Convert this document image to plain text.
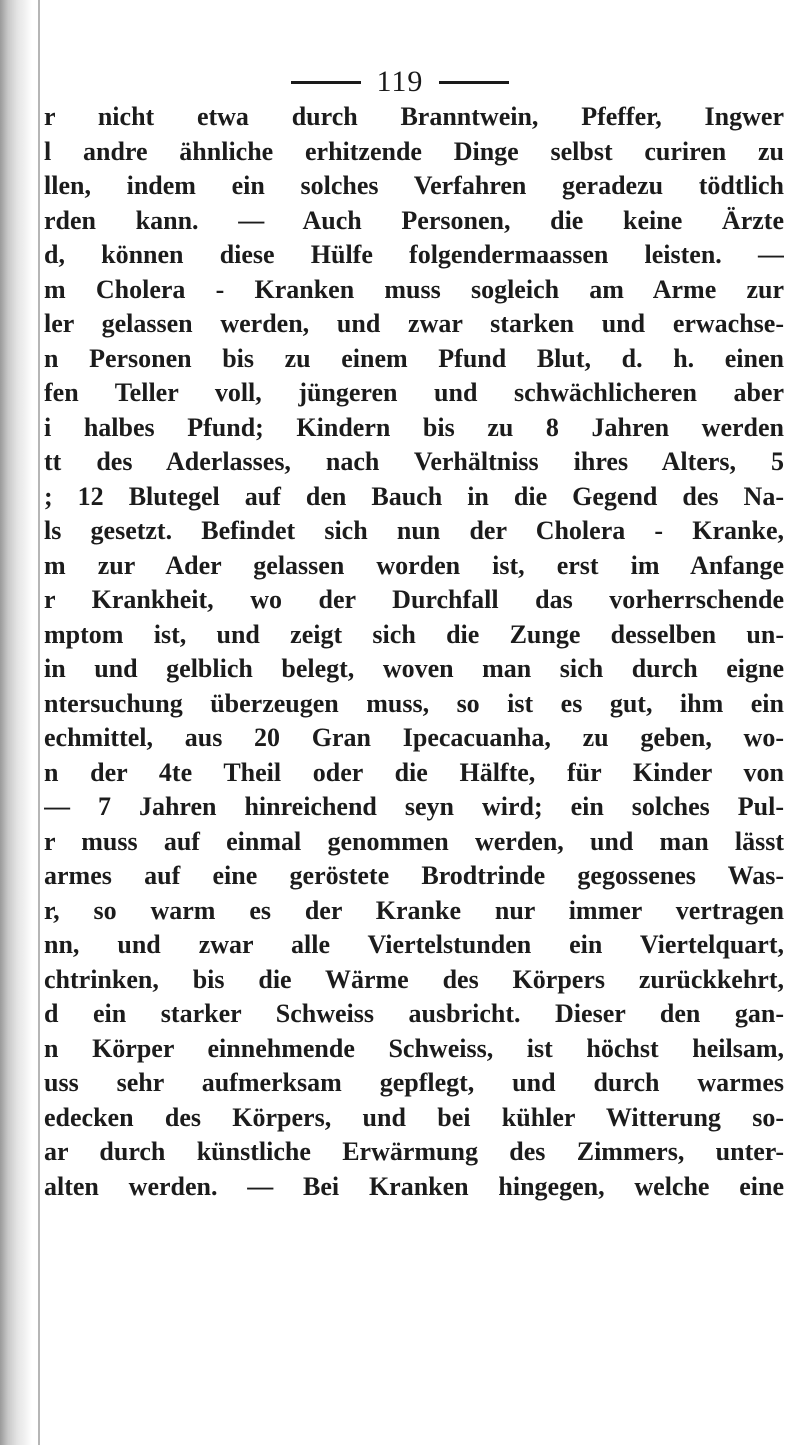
119
r nicht etwa durch Branntwein, Pfeffer, Ingwer
l andre ähnliche erhitzende Dinge selbst curiren zu
llen, indem ein solches Verfahren geradezu tödtlich
rden kann. — Auch Personen, die keine Ärzte
d, können diese Hülfe folgendermaassen leisten. —
m Cholera - Kranken muss sogleich am Arme zur
ler gelassen werden, und zwar starken und erwachse-
n Personen bis zu einem Pfund Blut, d. h. einen
fen Teller voll, jüngeren und schwächlicheren aber
i halbes Pfund; Kindern bis zu 8 Jahren werden
tt des Aderlasses, nach Verhältniss ihres Alters, 5
; 12 Blutegel auf den Bauch in die Gegend des Na-
ls gesetzt. Befindet sich nun der Cholera - Kranke,
m zur Ader gelassen worden ist, erst im Anfange
r Krankheit, wo der Durchfall das vorherrschende
mptom ist, und zeigt sich die Zunge desselben un-
in und gelblich belegt, woven man sich durch eigne
ntersuchung überzeugen muss, so ist es gut, ihm ein
echmittel, aus 20 Gran Ipecacuanha, zu geben, wo-
n der 4te Theil oder die Hälfte, für Kinder von
— 7 Jahren hinreichend seyn wird; ein solches Pul-
r muss auf einmal genommen werden, und man lässt
armes auf eine geröstete Brodtrinde gegossenes Was-
r, so warm es der Kranke nur immer vertragen
nn, und zwar alle Viertelstunden ein Viertelquart,
chtrinken, bis die Wärme des Körpers zurückkehrt,
d ein starker Schweiss ausbricht. Dieser den gan-
n Körper einnehmende Schweiss, ist höchst heilsam,
uss sehr aufmerksam gepflegt, und durch warmes
edecken des Körpers, und bei kühler Witterung so-
ar durch künstliche Erwärmung des Zimmers, unter-
alten werden. — Bei Kranken hingegen, welche eine
